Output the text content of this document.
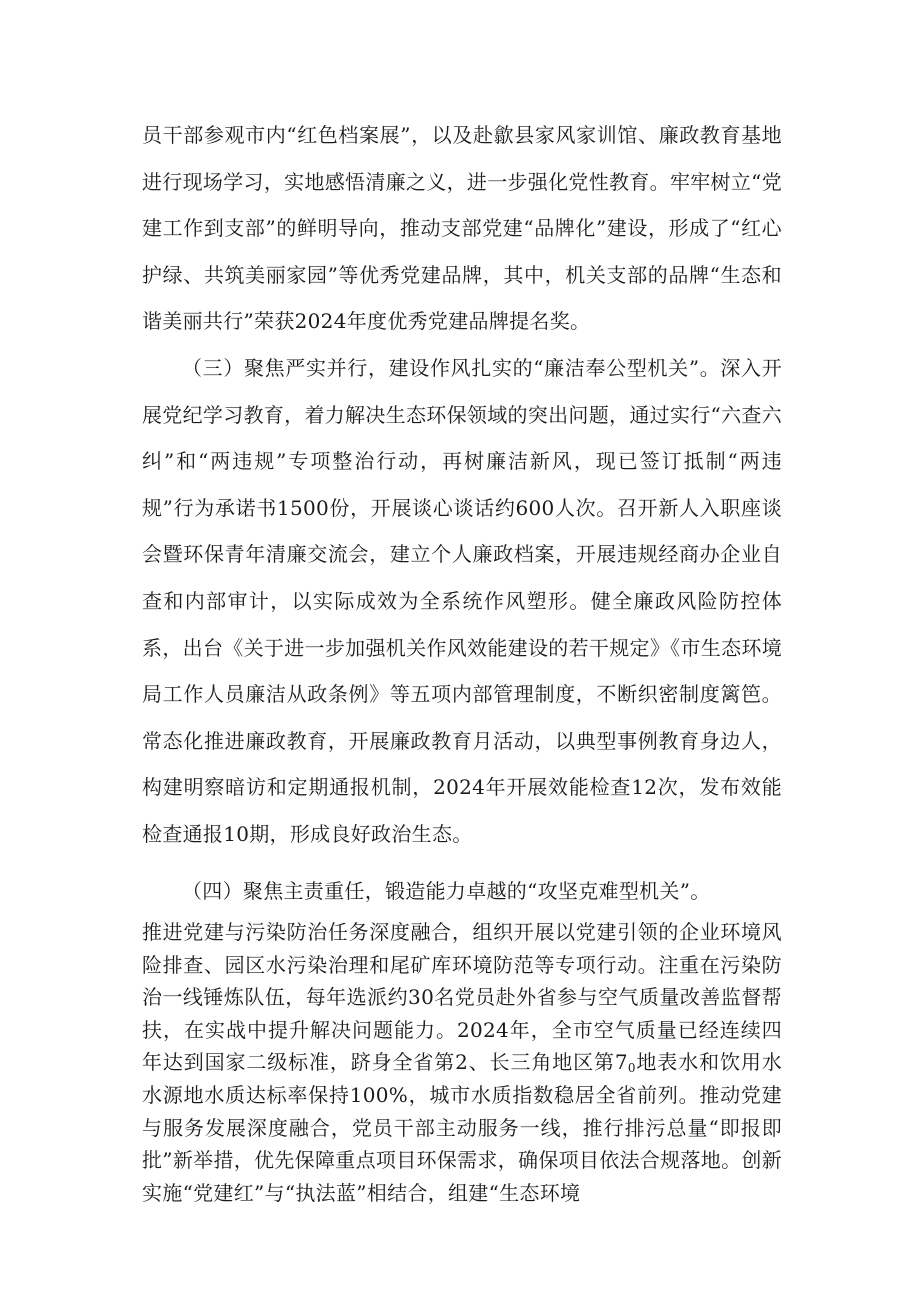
员干部参观市内“红色档案展”，以及赴歙县家风家训馆、廉政教育基地进行现场学习，实地感悟清廉之义，进一步强化党性教育。牢牢树立“党建工作到支部”的鲜明导向，推动支部党建“品牌化”建设，形成了“红心护绿、共筑美丽家园”等优秀党建品牌，其中，机关支部的品牌“生态和谐美丽共行”荣获2024年度优秀党建品牌提名奖。

（三）聚焦严实并行，建设作风扎实的“廉洁奉公型机关”。深入开展党纪学习教育，着力解决生态环保领域的突出问题，通过实行“六查六纠”和“两违规”专项整治行动，再树廉洁新风，现已签订抵制“两违规”行为承诺书1500份，开展谈心谈话约600人次。召开新人入职座谈会暨环保青年清廉交流会，建立个人廉政档案，开展违规经商办企业自查和内部审计，以实际成效为全系统作风塑形。健全廉政风险防控体系，出台《关于进一步加强机关作风效能建设的若干规定》《市生态环境局工作人员廉洁从政条例》等五项内部管理制度，不断织密制度篱笆。常态化推进廉政教育，开展廉政教育月活动，以典型事例教育身边人，构建明察暗访和定期通报机制，2024年开展效能检查12次，发布效能检查通报10期，形成良好政治生态。

（四）聚焦主责重任，锻造能力卓越的“攻坚克难型机关”。

推进党建与污染防治任务深度融合，组织开展以党建引领的企业环境风险排查、园区水污染治理和尾矿库环境防范等专项行动。注重在污染防治一线锤炼队伍，每年选派约30名党员赴外省参与空气质量改善监督帮扶，在实战中提升解决问题能力。2024年，全市空气质量已经连续四年达到国家二级标准，跻身全省第2、长三角地区第$7_0$地表水和饮用水水源地水质达标率保持100%，城市水质指数稳居全省前列。推动党建与服务发展深度融合，党员干部主动服务一线，推行排污总量“即报即批”新举措，优先保障重点项目环保需求，确保项目依法合规落地。创新实施“党建红”与“执法蓝”相结合，组建“生态环境
